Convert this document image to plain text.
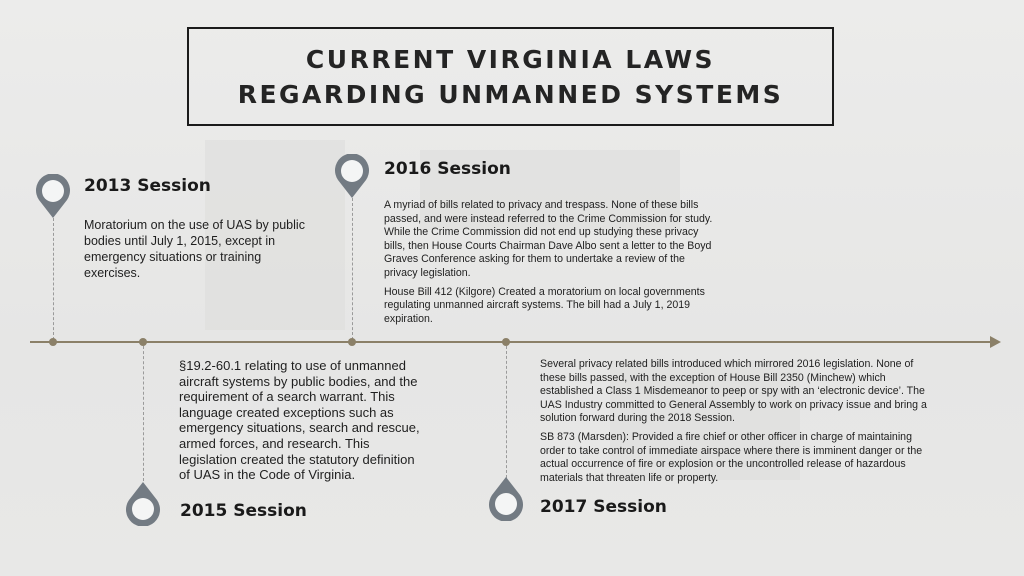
CURRENT VIRGINIA LAWS
REGARDING UNMANNED SYSTEMS
2013 Session

Moratorium on the use of UAS by public

bodies until July 1, 2015, except in

emergency situations or training

exercises.

2016 Session

A myriad of bills related to privacy and trespass. None of these bills

passed, and were instead referred to the Crime Commission for study.

While the Crime Commission did not end up studying these privacy

bills, then House Courts Chairman Dave Albo sent a letter to the Boyd

Graves Conference asking for them to undertake a review of the

privacy legislation.

House Bill 412 (Kilgore) Created a moratorium on local governments

regulating unmanned aircraft systems. The bill had a July 1, 2019

expiration.

§19.2-60.1 relating to use of unmanned

aircraft systems by public bodies, and the

requirement of a search warrant. This

language created exceptions such as

emergency situations, search and rescue,

armed forces, and research. This

legislation created the statutory definition

of UAS in the Code of Virginia.

2015 Session

Several privacy related bills introduced which mirrored 2016 legislation. None of

these bills passed, with the exception of House Bill 2350 (Minchew) which

established a Class 1 Misdemeanor to peep or spy with an ‘electronic device’. The

UAS Industry committed to General Assembly to work on privacy issue and bring a

solution forward during the 2018 Session.

SB 873 (Marsden): Provided a fire chief or other officer in charge of maintaining

order to take control of immediate airspace where there is imminent danger or the

actual occurrence of fire or explosion or the uncontrolled release of hazardous

materials that threaten life or property.

2017 Session
